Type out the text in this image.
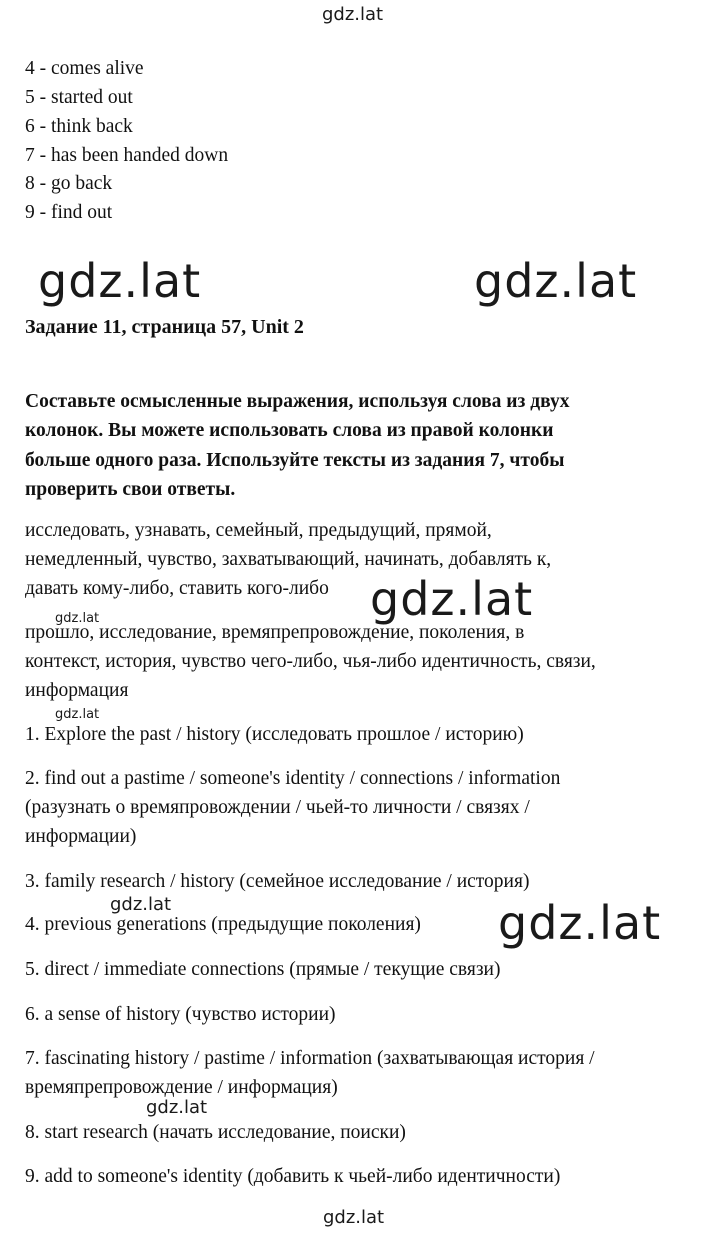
gdz.lat
gdz.lat	gdz.lat
gdz.lat
gdz.lat
gdz.lat
gdz.lat	gdz.lat
gdz.lat
gdz.lat
4 - comes alive
5 - started out
6 - think back
7 - has been handed down
8 - go back
9 - find out
Задание 11, страница 57, Unit 2
Составьте осмысленные выражения, используя слова из двух
колонок. Вы можете использовать слова из правой колонки
больше одного раза. Используйте тексты из задания 7, чтобы
проверить свои ответы.
исследовать, узнавать, семейный, предыдущий, прямой,
немедленный, чувство, захватывающий, начинать, добавлять к,
давать кому-либо, ставить кого-либо
прошло, исследование, времяпрепровождение, поколения, в
контекст, история, чувство чего-либо, чья-либо идентичность, связи,
информация
1. Explore the past / history (исследовать прошлое / историю)
2. find out a pastime / someone's identity / connections / information
(разузнать о времяпровождении / чьей-то личности / связях /
информации)
3. family research / history (семейное исследование / история)
4. previous generations (предыдущие поколения)
5. direct / immediate connections (прямые / текущие связи)
6. a sense of history (чувство истории)
7. fascinating history / pastime / information (захватывающая история /
времяпрепровождение / информация)
8. start research (начать исследование, поиски)
9. add to someone's identity (добавить к чьей-либо идентичности)
